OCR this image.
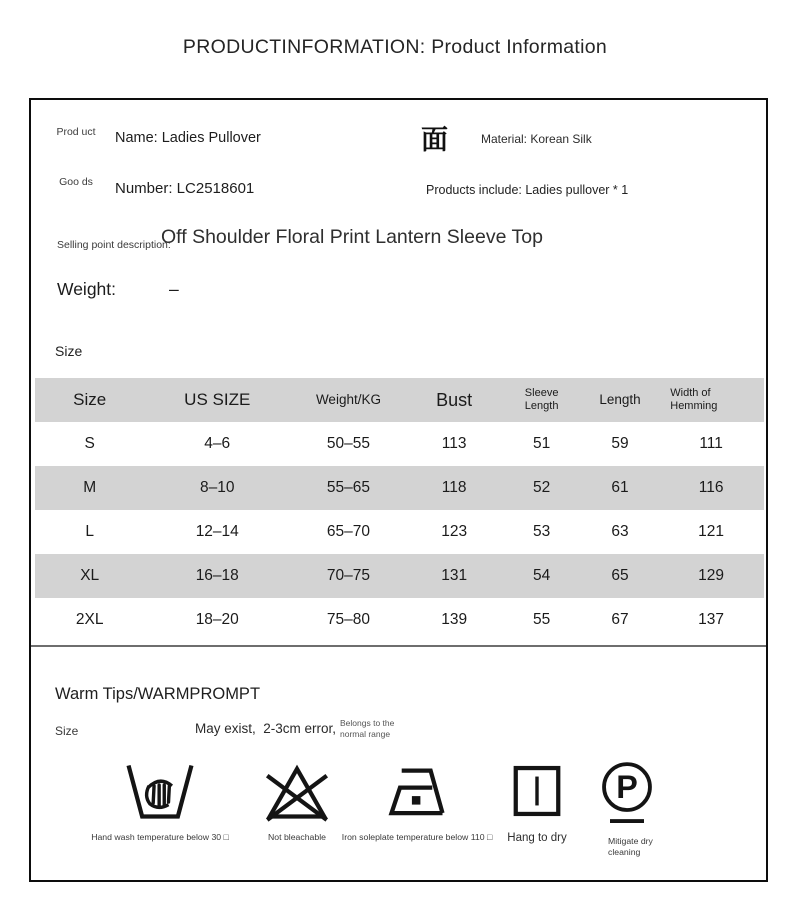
PRODUCTINFORMATION: Product Information
Prod uct Name: Ladies Pullover	面	Material: Korean Silk
Goo ds Number: LC2518601	Products include: Ladies pullover * 1
Selling point description:
Off Shoulder Floral Print Lantern Sleeve Top
Weight:	–
Size
Size	US SIZE	Weight/KG	Bust	Sleeve Length	Length	Width of Hemming
S	4–6	50–55	113	51	59	111
M	8–10	55–65	118	52	61	116
L	12–14	65–70	123	53	63	121
XL	16–18	70–75	131	54	65	129
2XL	18–20	75–80	139	55	67	137
Warm Tips/WARMPROMPT
Size	May exist,  2-3cm error, Belongs to the normal range
Hand wash temperature below 30 □	Not bleachable Iron soleplate temperature below 110 □ Hang to dry
P
Mitigate dry cleaning
